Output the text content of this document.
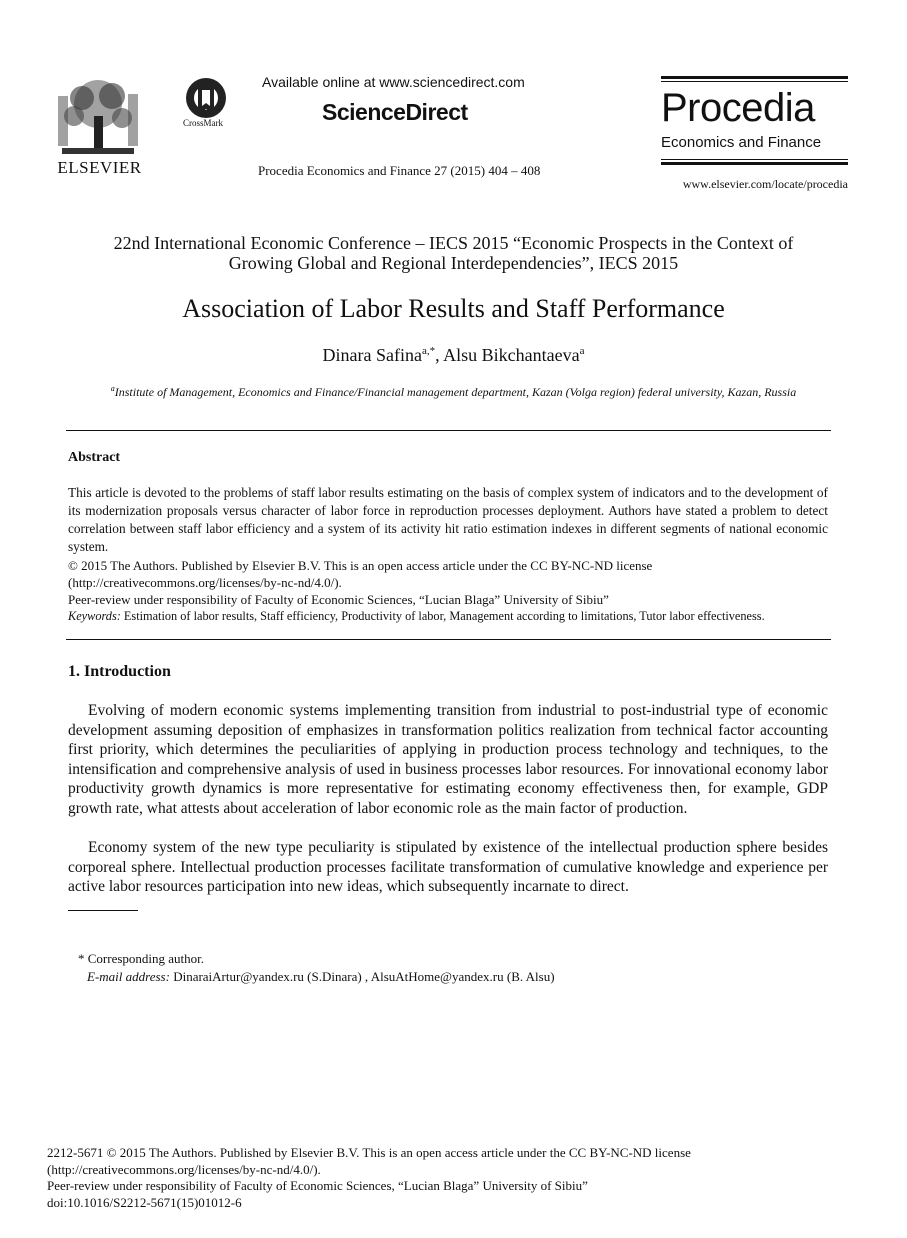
ELSEVIER
CrossMark
Available online at www.sciencedirect.com
ScienceDirect
Procedia Economics and Finance 27 (2015) 404 – 408
Procedia
Economics and Finance
www.elsevier.com/locate/procedia
22nd International Economic Conference – IECS 2015 “Economic Prospects in the Context of
Growing Global and Regional Interdependencies”, IECS 2015
Association of Labor Results and Staff Performance
Dinara Safina$^{a,*}$, Alsu Bikchantaeva$^a$
$^a$Institute of Management, Economics and Finance/Financial management department, Kazan (Volga region) federal university, Kazan, Russia
Abstract
This article is devoted to the problems of staff labor results estimating on the basis of complex system of indicators and to the development of its modernization proposals versus character of labor force in reproduction processes deployment. Authors have stated a problem to detect correlation between staff labor efficiency and a system of its activity hit ratio estimation indexes in different segments of national economic system.
© 2015 The Authors. Published by Elsevier B.V. This is an open access article under the CC BY-NC-ND license
(http://creativecommons.org/licenses/by-nc-nd/4.0/).
Peer-review under responsibility of Faculty of Economic Sciences, “Lucian Blaga” University of Sibiu”
Keywords: Estimation of labor results, Staff efficiency, Productivity of labor, Management according to limitations, Tutor labor effectiveness.
1. Introduction
Evolving of modern economic systems implementing transition from industrial to post-industrial type of economic development assuming deposition of emphasizes in transformation politics realization from technical factor accounting first priority, which determines the peculiarities of applying in production process technology and techniques, to the intensification and comprehensive analysis of used in business processes labor resources. For innovational economy labor productivity growth dynamics is more representative for estimating economy effectiveness then, for example, GDP growth rate, what attests about acceleration of labor economic role as the main factor of production.
Economy system of the new type peculiarity is stipulated by existence of the intellectual production sphere besides corporeal sphere. Intellectual production processes facilitate transformation of cumulative knowledge and experience per active labor resources participation into new ideas, which subsequently incarnate to direct.
* Corresponding author.
E-mail address: DinaraiArtur@yandex.ru (S.Dinara) , AlsuAtHome@yandex.ru (B. Alsu)
2212-5671 © 2015 The Authors. Published by Elsevier B.V. This is an open access article under the CC BY-NC-ND license
(http://creativecommons.org/licenses/by-nc-nd/4.0/).
Peer-review under responsibility of Faculty of Economic Sciences, “Lucian Blaga” University of Sibiu”
doi:10.1016/S2212-5671(15)01012-6
